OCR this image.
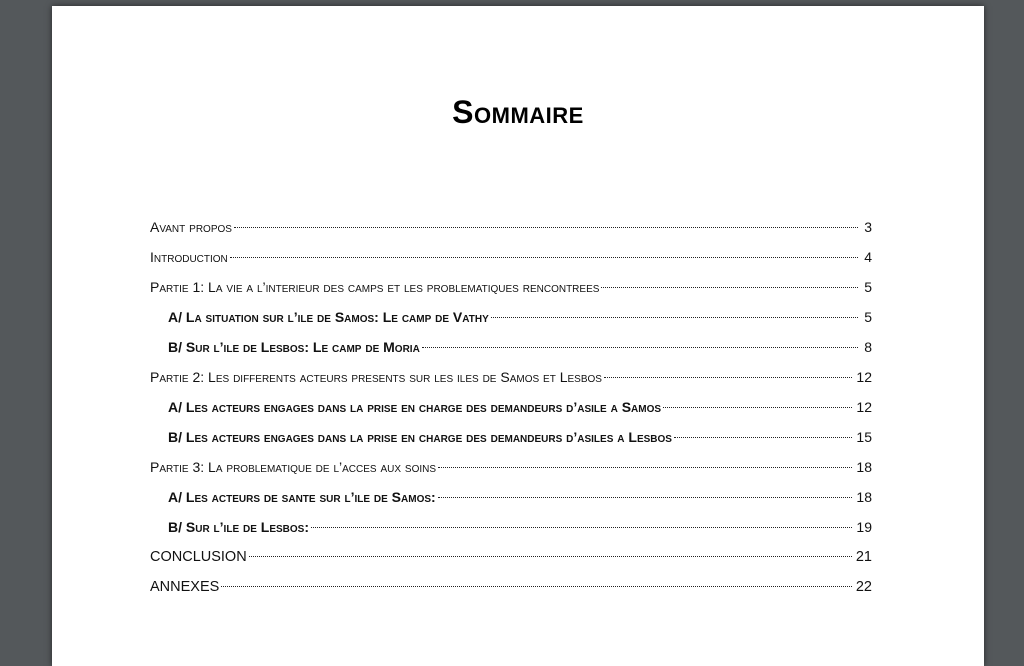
Sommaire
Avant propos	3
Introduction	4
Partie 1: La vie a l’interieur des camps et les problematiques rencontrees	5
A/ La situation sur l’ile de Samos: Le camp de Vathy	5
B/ Sur l’ile de Lesbos: Le camp de Moria	8
Partie 2: Les differents acteurs presents sur les iles de Samos et Lesbos	12
A/ Les acteurs engages dans la prise en charge des demandeurs d’asile a Samos	12
B/ Les acteurs engages dans la prise en charge des demandeurs d’asiles a Lesbos	15
Partie 3: La problematique de l’acces aux soins	18
A/ Les acteurs de sante sur l’ile de Samos:	18
B/ Sur l’ile de Lesbos:	19
CONCLUSION	21
ANNEXES	22
